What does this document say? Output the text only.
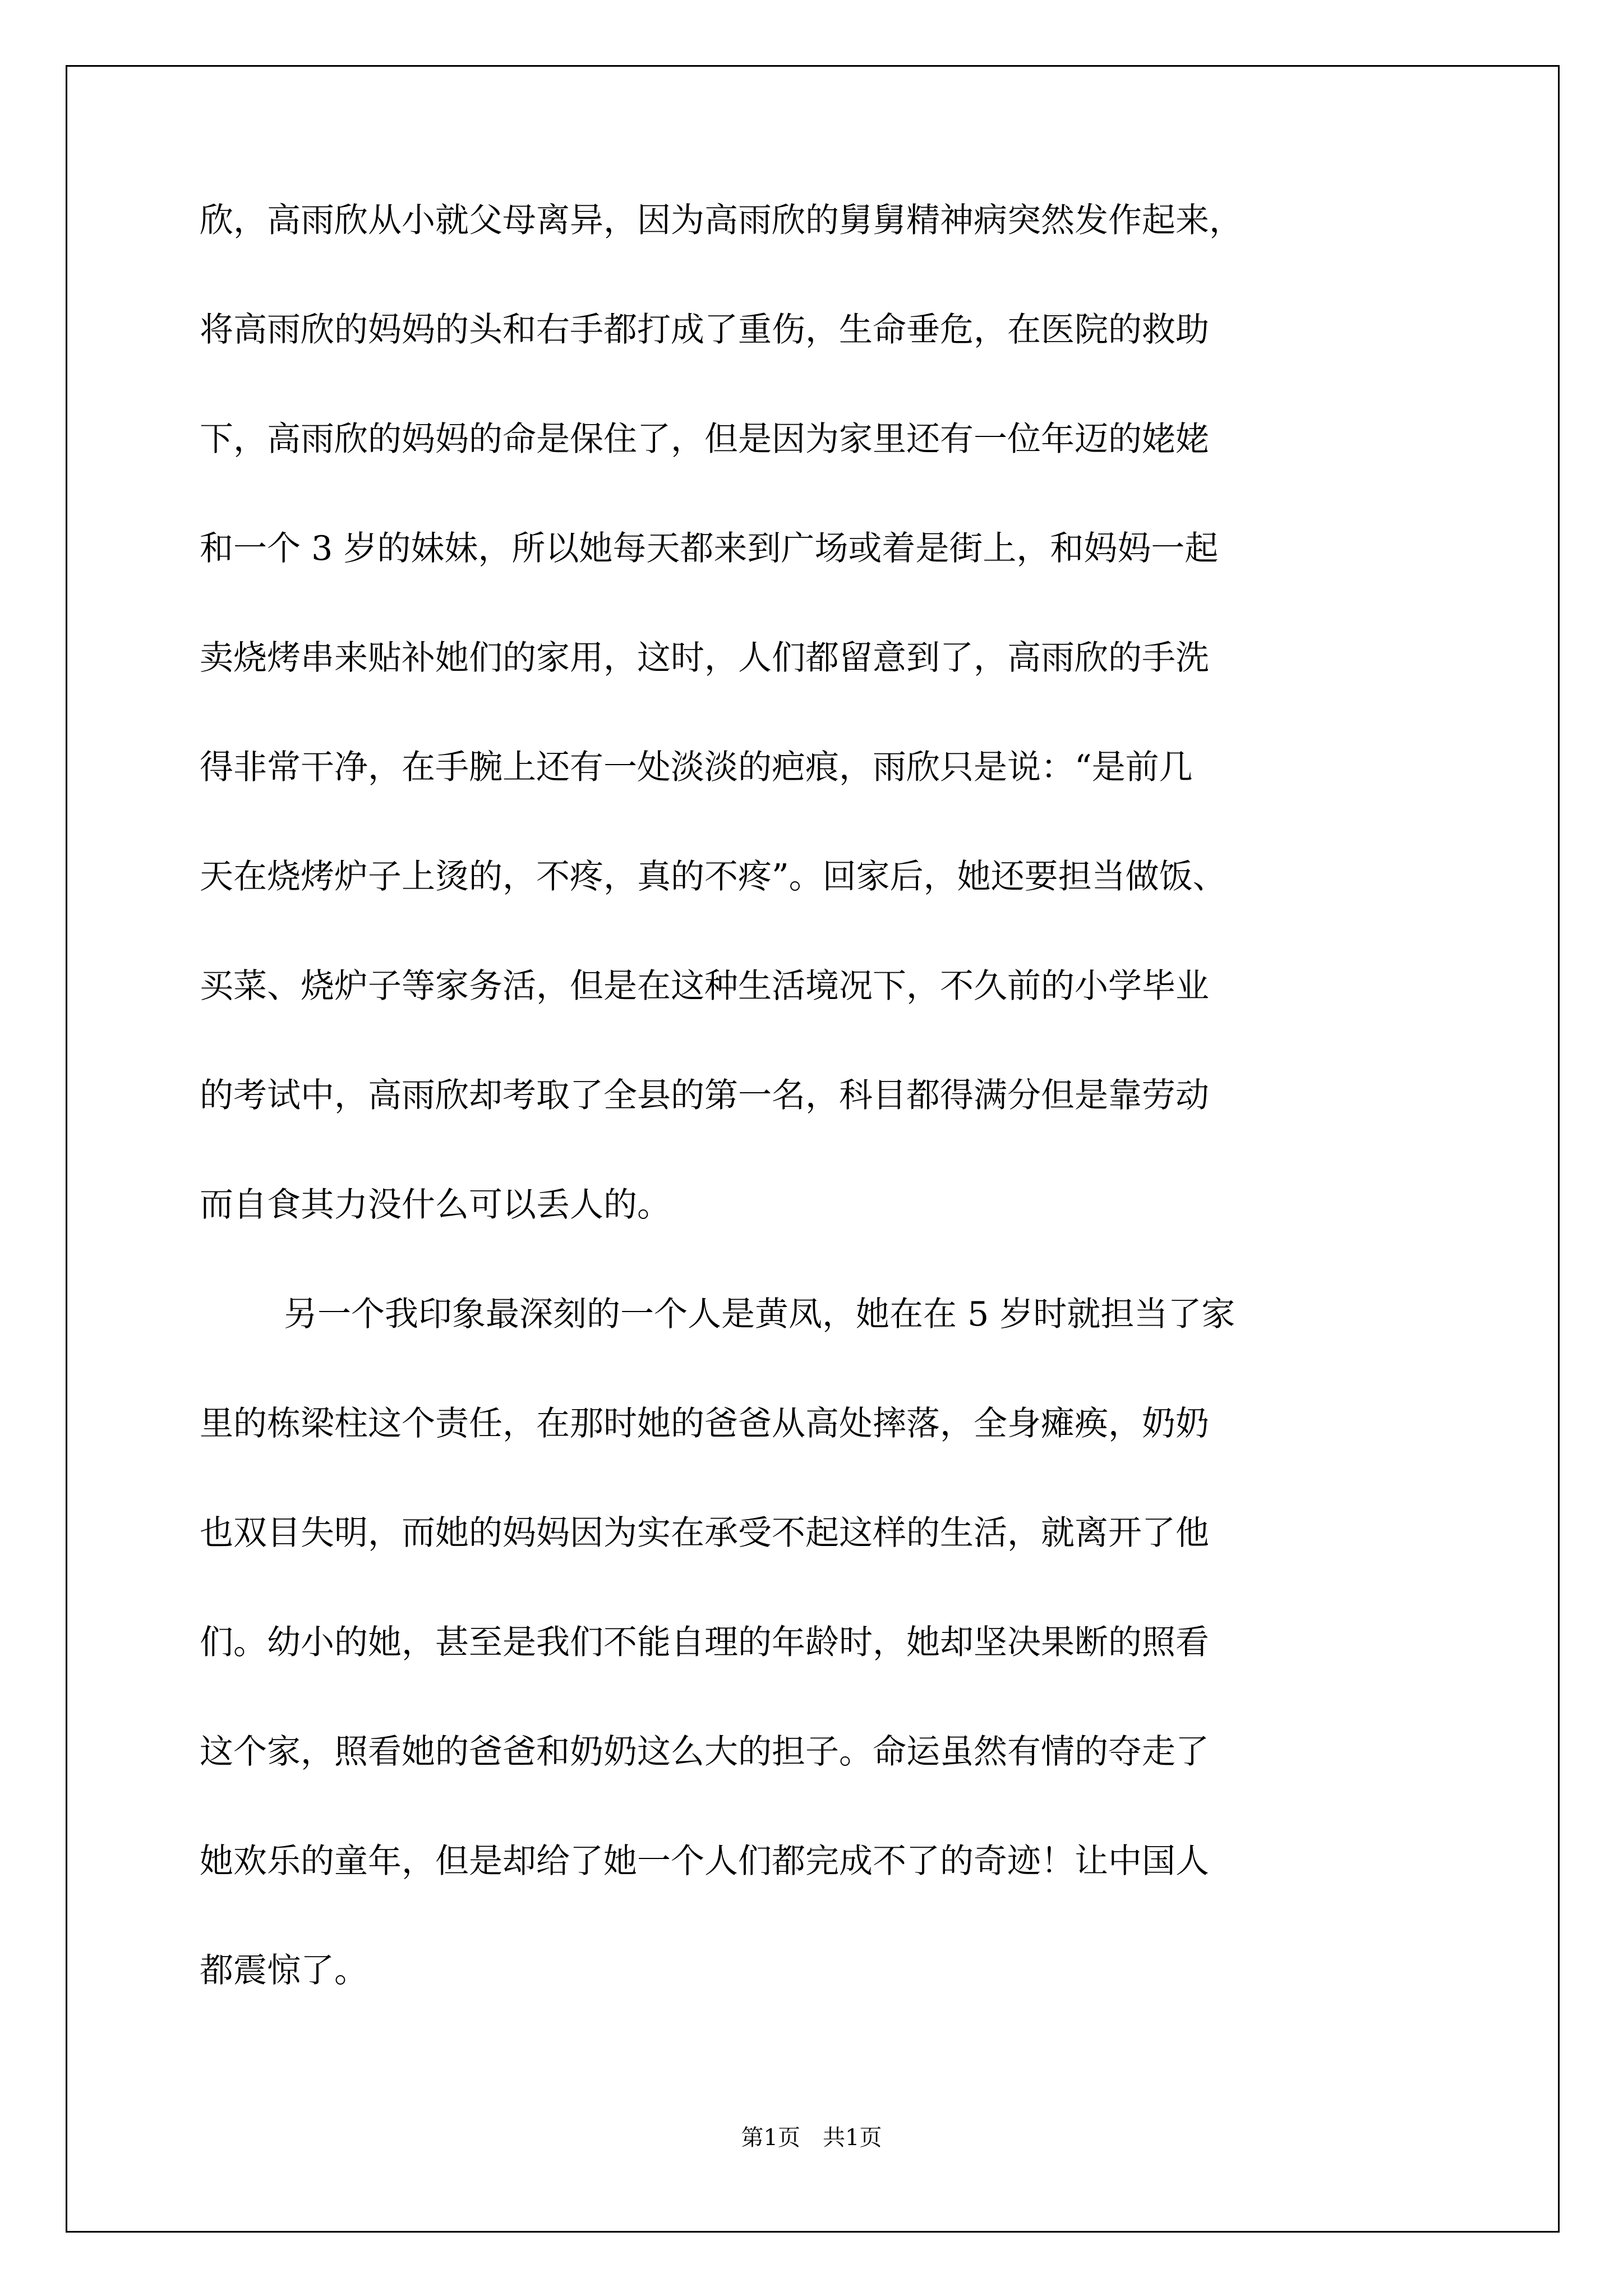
欣，高雨欣从小就父母离异，因为高雨欣的舅舅精神病突然发作起来，
将高雨欣的妈妈的头和右手都打成了重伤，生命垂危，在医院的救助
下，高雨欣的妈妈的命是保住了，但是因为家里还有一位年迈的姥姥
和一个 3 岁的妹妹，所以她每天都来到广场或着是街上，和妈妈一起
卖烧烤串来贴补她们的家用，这时，人们都留意到了，高雨欣的手洗
得非常干净，在手腕上还有一处淡淡的疤痕，雨欣只是说：“是前几
天在烧烤炉子上烫的，不疼，真的不疼”。回家后，她还要担当做饭、
买菜、烧炉子等家务活，但是在这种生活境况下，不久前的小学毕业
的考试中，高雨欣却考取了全县的第一名，科目都得满分但是靠劳动
而自食其力没什么可以丢人的。
另一个我印象最深刻的一个人是黄凤，她在在 5 岁时就担当了家
里的栋梁柱这个责任，在那时她的爸爸从高处摔落，全身瘫痪，奶奶
也双目失明，而她的妈妈因为实在承受不起这样的生活，就离开了他
们。幼小的她，甚至是我们不能自理的年龄时，她却坚决果断的照看
这个家，照看她的爸爸和奶奶这么大的担子。命运虽然有情的夺走了
她欢乐的童年，但是却给了她一个人们都完成不了的奇迹！让中国人
都震惊了。
第1页　共1页
